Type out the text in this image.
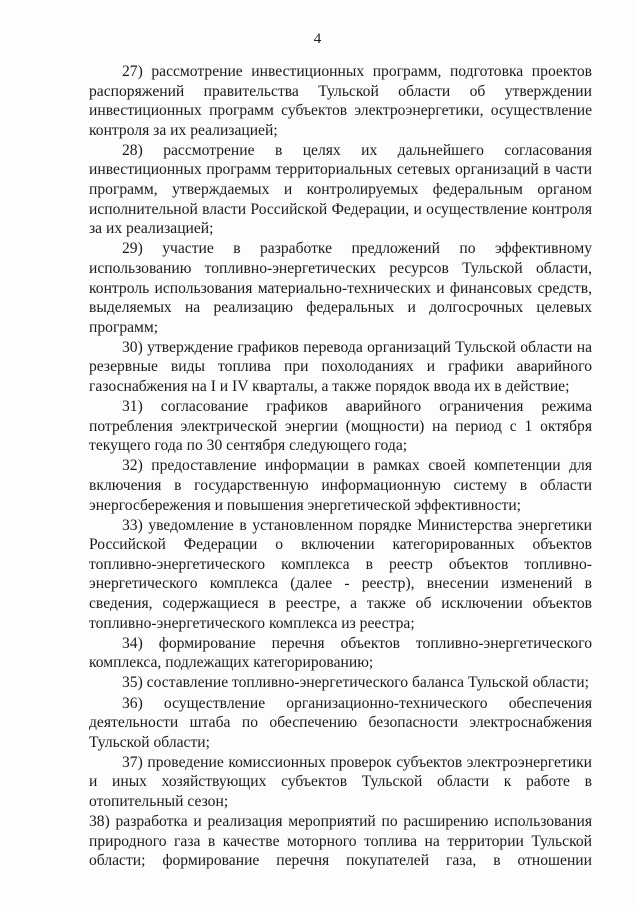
4

27) рассмотрение инвестиционных программ, подготовка проектов распоряжений правительства Тульской области об утверждении инвестиционных программ субъектов электроэнергетики, осуществление контроля за их реализацией;

28) рассмотрение в целях их дальнейшего согласования инвестиционных программ территориальных сетевых организаций в части программ, утверждаемых и контролируемых федеральным органом исполнительной власти Российской Федерации, и осуществление контроля за их реализацией;

29) участие в разработке предложений по эффективному использованию топливно-энергетических ресурсов Тульской области, контроль использования материально-технических и финансовых средств, выделяемых на реализацию федеральных и долгосрочных целевых программ;

30) утверждение графиков перевода организаций Тульской области на резервные виды топлива при похолоданиях и графики аварийного газоснабжения на I и IV кварталы, а также порядок ввода их в действие;

31) согласование графиков аварийного ограничения режима потребления электрической энергии (мощности) на период с 1 октября текущего года по 30 сентября следующего года;

32) предоставление информации в рамках своей компетенции для включения в государственную информационную систему в области энергосбережения и повышения энергетической эффективности;

33) уведомление в установленном порядке Министерства энергетики Российской Федерации о включении категорированных объектов топливно-энергетического комплекса в реестр объектов топливно-энергетического комплекса (далее - реестр), внесении изменений в сведения, содержащиеся в реестре, а также об исключении объектов топливно-энергетического комплекса из реестра;

34) формирование перечня объектов топливно-энергетического комплекса, подлежащих категорированию;

35) составление топливно-энергетического баланса Тульской области;

36) осуществление организационно-технического обеспечения деятельности штаба по обеспечению безопасности электроснабжения Тульской области;

37) проведение комиссионных проверок субъектов электроэнергетики и иных хозяйствующих субъектов Тульской области к работе в отопительный сезон;

38) разработка и реализация мероприятий по расширению использования природного газа в качестве моторного топлива на территории Тульской области; формирование перечня покупателей газа, в отношении
